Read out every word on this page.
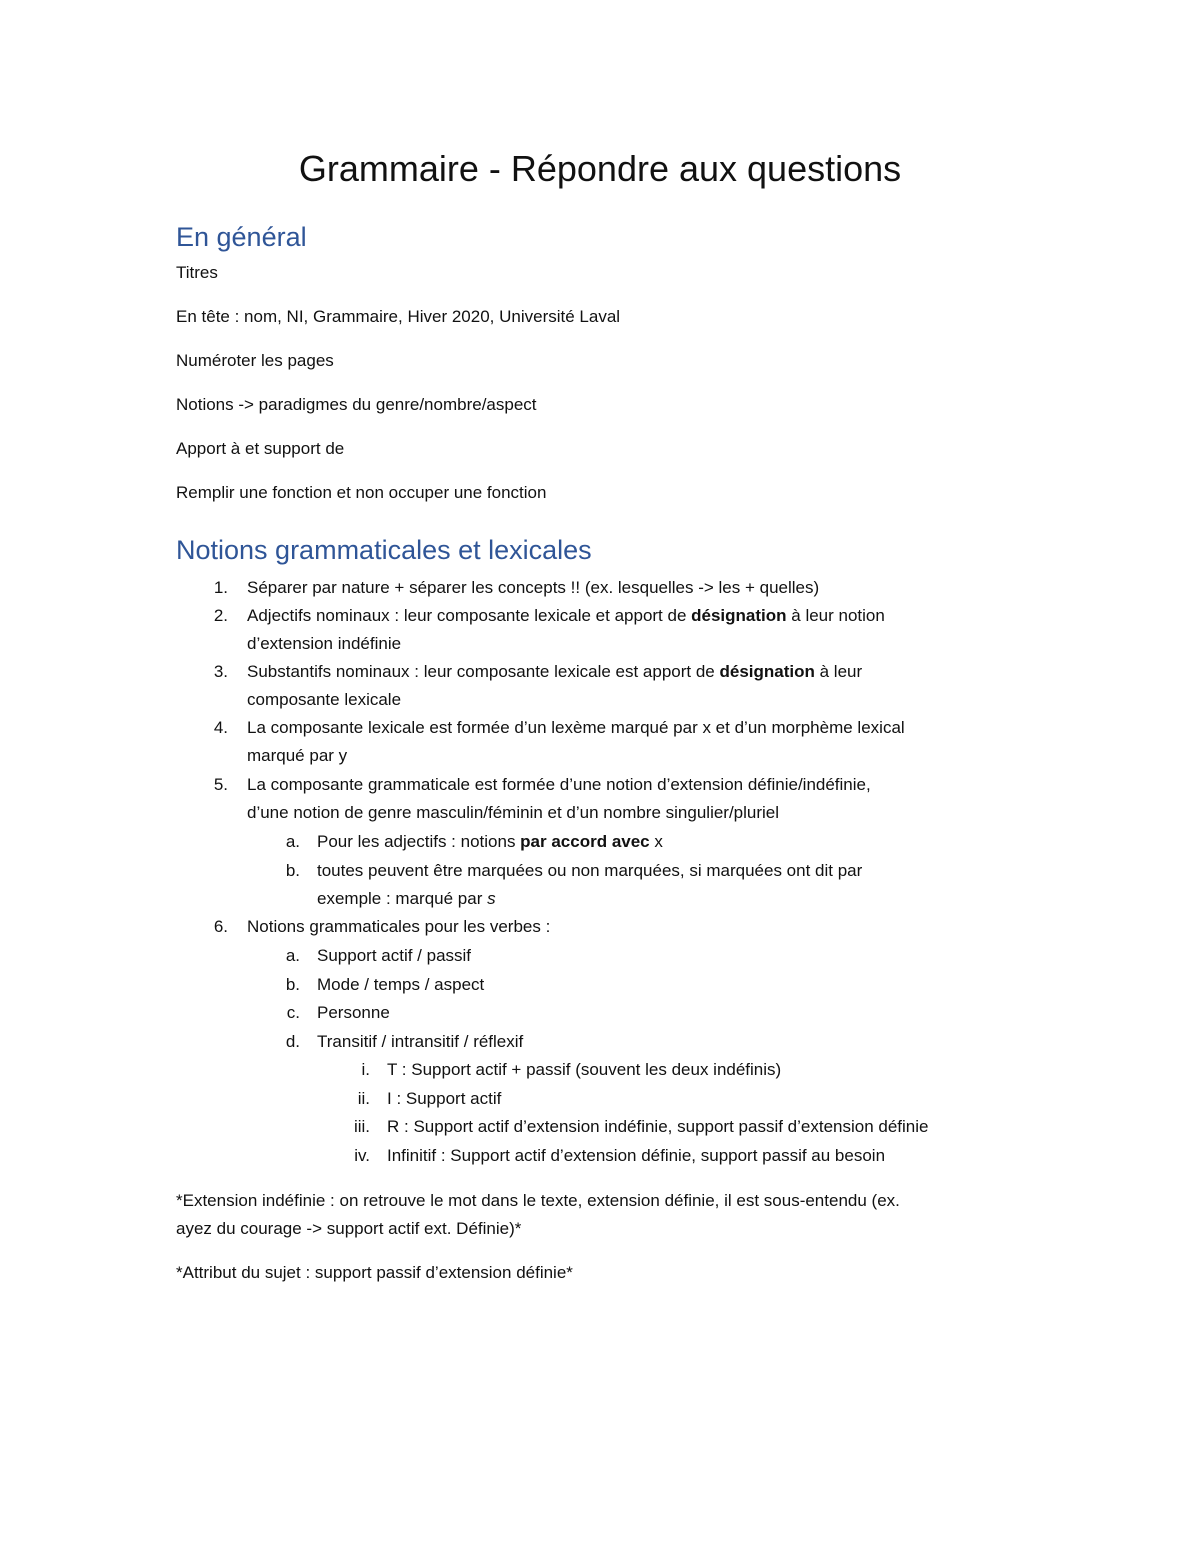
Grammaire - Répondre aux questions
En général

Titres

En tête : nom, NI, Grammaire, Hiver 2020, Université Laval

Numéroter les pages

Notions -> paradigmes du genre/nombre/aspect

Apport à et support de

Remplir une fonction et non occuper une fonction

Notions grammaticales et lexicales
1. Séparer par nature + séparer les concepts !! (ex. lesquelles -> les + quelles)

2. Adjectifs nominaux : leur composante lexicale et apport de désignation à leur notion

d’extension indéfinie

3. Substantifs nominaux : leur composante lexicale est apport de désignation à leur

composante lexicale

4. La composante lexicale est formée d’un lexème marqué par x et d’un morphème lexical

marqué par y

5. La composante grammaticale est formée d’une notion d’extension définie/indéfinie,

d’une notion de genre masculin/féminin et d’un nombre singulier/pluriel

a. Pour les adjectifs : notions par accord avec x

b. toutes peuvent être marquées ou non marquées, si marquées ont dit par

exemple : marqué par s

6. Notions grammaticales pour les verbes :

a. Support actif / passif

b. Mode / temps / aspect

c. Personne

d. Transitif / intransitif / réflexif

i. T : Support actif + passif (souvent les deux indéfinis)

ii. I : Support actif

iii. R : Support actif d’extension indéfinie, support passif d’extension définie

iv. Infinitif : Support actif d’extension définie, support passif au besoin

*Extension indéfinie : on retrouve le mot dans le texte, extension définie, il est sous-entendu (ex.

ayez du courage -> support actif ext. Définie)*

*Attribut du sujet : support passif d’extension définie*
